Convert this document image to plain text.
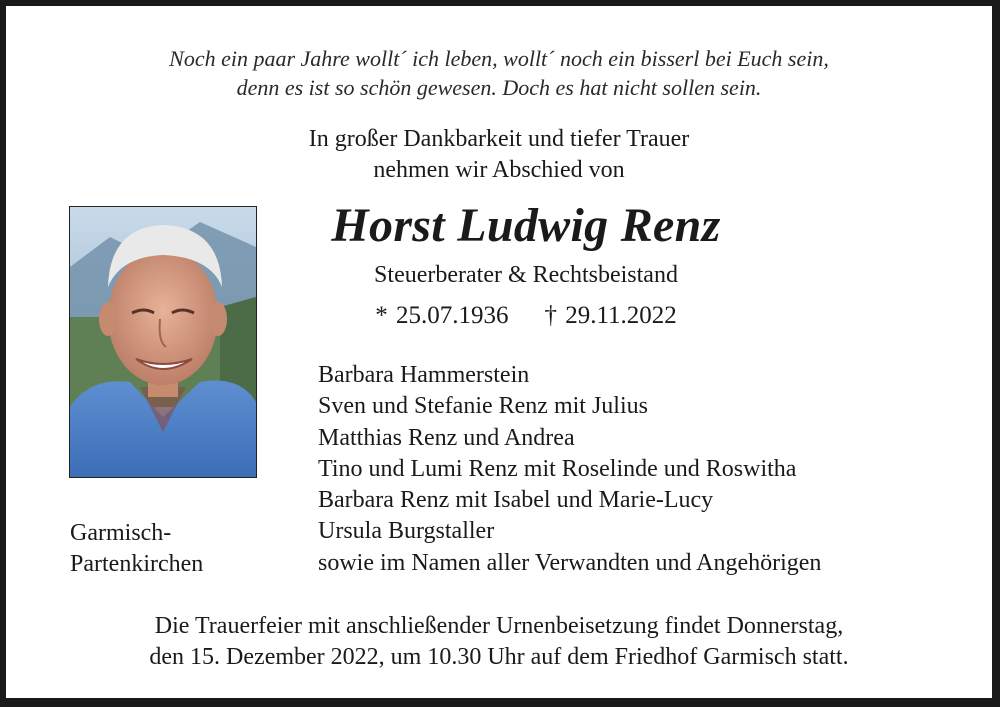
Noch ein paar Jahre wollt´ ich leben, wollt´ noch ein bisserl bei Euch sein,
denn es ist so schön gewesen. Doch es hat nicht sollen sein.
In großer Dankbarkeit und tiefer Trauer
nehmen wir Abschied von
Horst Ludwig Renz
Steuerberater & Rechtsbeistand
* 25.07.1936 † 29.11.2022
Barbara Hammerstein
Sven und Stefanie Renz mit Julius
Matthias Renz und Andrea
Tino und Lumi Renz mit Roselinde und Roswitha
Barbara Renz mit Isabel und Marie-Lucy
Ursula Burgstaller
sowie im Namen aller Verwandten und Angehörigen
Garmisch-
Partenkirchen
Die Trauerfeier mit anschließender Urnenbeisetzung findet Donnerstag,
den 15. Dezember 2022, um 10.30 Uhr auf dem Friedhof Garmisch statt.
